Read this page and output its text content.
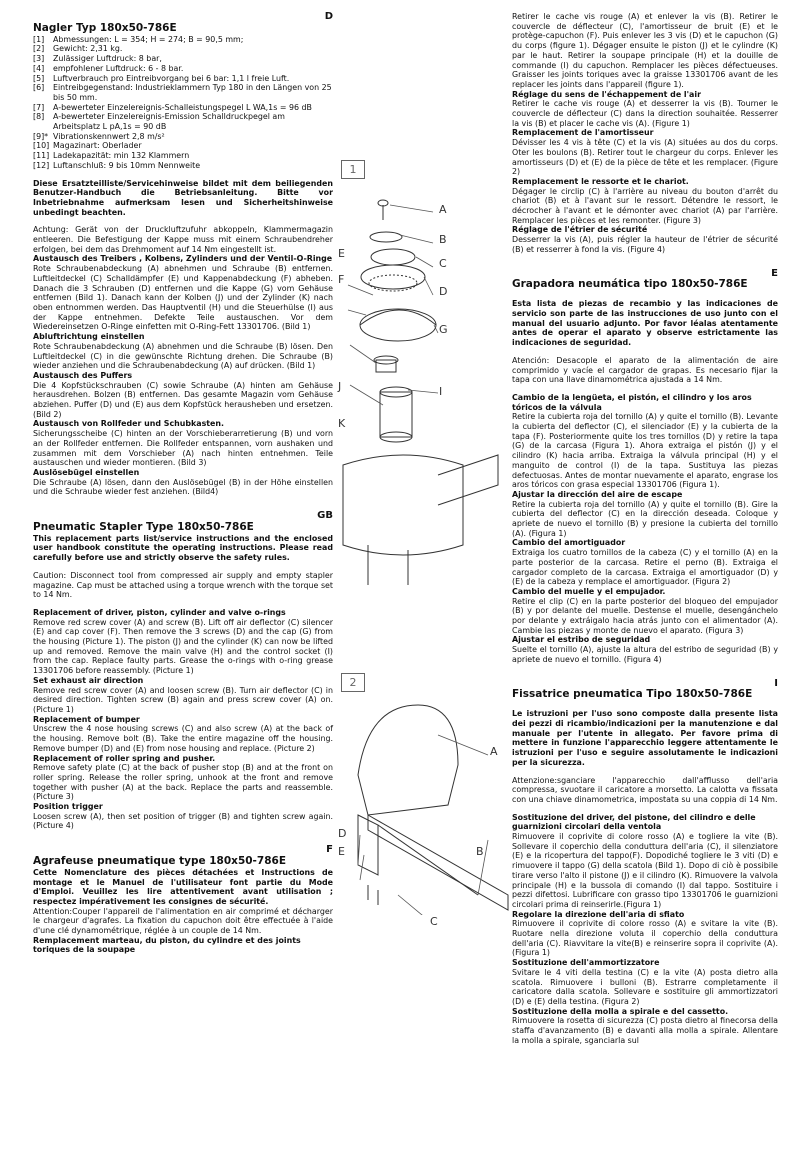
D
Nagler Typ 180x50-786E
[1]	Abmessungen: L = 354; H = 274; B = 90,5 mm;
[2]	Gewicht: 2,31 kg.
[3]	Zulässiger Luftdruck: 8 bar,
[4]	empfohlener Luftdruck: 6 - 8 bar.
[5]	Luftverbrauch pro Eintreibvorgang bei 6 bar: 1,1 l freie Luft.
[6]	Eintreibgegenstand: Industrieklammern Typ 180 in den Längen von 25 bis 50 mm.
[7]	A-bewerteter Einzelereignis-Schalleistungspegel L WA,1s = 96 dB
[8]	A-bewerteter Einzelereignis-Emission Schalldruckpegel am Arbeitsplatz L pA,1s = 90 dB
[9]* Vibrationskennwert 2,8 m/s²
[10] Magazinart: Oberlader
[11] Ladekapazität: min 132 Klammern
[12] Luftanschluß: 9 bis 10mm Nennweite

Diese Ersatzteilliste/Servicehinweise bildet mit dem beiliegenden Benutzer-Handbuch die Betriebsanleitung. Bitte vor Inbetriebnahme aufmerksam lesen und Sicherheitshinweise unbedingt beachten.

Achtung: Gerät von der Druckluftzufuhr abkoppeln, Klammermagazin entleeren. Die Befestigung der Kappe muss mit einem Schraubendreher erfolgen, bei dem das Drehmoment auf 14 Nm eingestellt ist.

Austausch des Treibers , Kolbens, Zylinders und der Ventil-O-Ringe

Rote Schraubenabdeckung (A) abnehmen und Schraube (B) entfernen. Luftleitdeckel (C) Schalldämpfer (E) und Kappenabdeckung (F) abheben. Danach die 3 Schrauben (D) entfernen und die Kappe (G) vom Gehäuse entfernen (Bild 1). Danach kann der Kolben (J) und der Zylinder (K) nach oben entnommen werden. Das Hauptventil (H) und die Steuerhülse (I) aus der Kappe entnehmen. Defekte Teile austauschen. Vor dem Wiedereinsetzen O-Ringe einfetten mit O-Ring-Fett 13301706. (Bild 1)

Abluftrichtung einstellen

Rote Schraubenabdeckung (A) abnehmen und die Schraube (B) lösen. Den Luftleitdeckel (C) in die gewünschte Richtung drehen. Die Schraube (B) wieder anziehen und die Schraubenabdeckung (A) auf drücken. (Bild 1)

Austausch des Puffers

Die 4 Kopfstückschrauben (C) sowie Schraube (A) hinten am Gehäuse herausdrehen. Bolzen (B) entfernen. Das gesamte Magazin vom Gehäuse abziehen. Puffer (D) und (E) aus dem Kopfstück herausheben und ersetzen. (Bild 2)

Austausch von Rollfeder und Schubkasten.

Sicherungsscheibe (C) hinten an der Vorschieberarretierung (B) und vorn an der Rollfeder entfernen. Die Rollfeder entspannen, vorn aushaken und zusammen mit dem Vorschieber (A) nach hinten entnehmen. Teile austauschen und wieder montieren. (Bild 3)

Auslösebügel einstellen

Die Schraube (A) lösen, dann den Auslösebügel (B) in der Höhe einstellen und die Schraube wieder fest anziehen. (Bild4)

GB
Pneumatic Stapler Type 180x50-786E

This replacement parts list/service instructions and the enclosed user handbook constitute the operating instructions. Please read carefully before use and strictly observe the safety rules.

Caution: Disconnect tool from compressed air supply and empty stapler magazine. Cap must be attached using a torque wrench with the torque set to 14 Nm.

Replacement of driver, piston, cylinder and valve o-rings

Remove red screw cover (A) and screw (B). Lift off air deflector (C) silencer (E) and cap cover (F). Then remove the 3 screws (D) and the cap (G) from the housing (Picture 1). The piston (J) and the cylinder (K) can now be lifted up and removed. Remove the main valve (H) and the control socket (I) from the cap. Replace faulty parts. Grease the o-rings with o-ring grease 13301706 before reassembly. (Picture 1)

Set exhaust air direction

Remove red screw cover (A) and loosen screw (B). Turn air deflector (C) in desired direction. Tighten screw (B) again and press screw cover (A) on. (Picture 1)

Replacement of bumper

Unscrew the 4 nose housing screws (C) and also screw (A) at the back of the housing. Remove bolt (B). Take the entire magazine off the housing. Remove bumper (D) and (E) from nose housing and replace. (Picture 2)

Replacement of roller spring and pusher.

Remove safety plate (C) at the back of pusher stop (B) and at the front on roller spring. Release the roller spring, unhook at the front and remove together with pusher (A) at the back. Replace the parts and reassemble. (Picture 3)

Position trigger

Loosen screw (A), then set position of trigger (B) and tighten screw again. (Picture 4)

F
Agrafeuse pneumatique type 180x50-786E

Cette Nomenclature des pièces détachées et Instructions de montage et le Manuel de l'utilisateur font partie du Mode d'Emploi. Veuillez les lire attentivement avant utilisation ; respectez impérativement les consignes de sécurité.

Attention:Couper l'appareil de l'alimentation en air comprimé et décharger le chargeur d'agrafes. La fixation du capuchon doit être effectuée à l'aide d'une clé dynamométrique, réglée à un couple de 14 Nm.

Remplacement marteau, du piston, du cylindre et des joints toriques de la soupape
1
A
B
C
D
E
F
G
I
J
K
2
A
B
C
D
E

Retirer le cache vis rouge (A) et enlever la vis (B). Retirer le couvercle de déflecteur (C), l'amortisseur de bruit (E) et le protège-capuchon (F). Puis enlever les 3 vis (D) et le capuchon (G) du corps (figure 1). Dégager ensuite le piston (J) et le cylindre (K) par le haut. Retirer la soupape principale (H) et la douille de commande (I) du capuchon. Remplacer les pièces défectueuses. Graisser les joints toriques avec la graisse 13301706 avant de les replacer les joints dans l'appareil (figure 1).

Réglage du sens de l'échappement de l'air

Retirer le cache vis rouge (A) et desserrer la vis (B). Tourner le couvercle de déflecteur (C) dans la direction souhaitée. Resserrer la vis (B) et placer le cache vis (A). (Figure 1)

Remplacement de l'amortisseur

Dévisser les 4 vis à tête (C) et la vis (A) situées au dos du corps. Oter les boulons (B). Retirer tout le chargeur du corps. Enlever les amortisseurs (D) et (E) de la pièce de tête et les remplacer. (Figure 2)

Remplacement le ressorte et le chariot.

Dégager le circlip (C) à l'arrière au niveau du bouton d'arrêt du chariot (B) et à l'avant sur le ressort. Détendre le ressort, le décrocher à l'avant et le démonter avec chariot (A) par l'arrière. Remplacer les pièces et les remonter. (Figure 3)

Réglage de l'étrier de sécurité

Desserrer la vis (A), puis régler la hauteur de l'étrier de sécurité (B) et resserrer à fond la vis. (Figure 4)

E
Grapadora neumática tipo 180x50-786E

Esta lista de piezas de recambio y las indicaciones de servicio son parte de las instrucciones de uso junto con el manual del usuario adjunto. Por favor léalas atentamente antes de operar el aparato y observe estrictamente las indicaciones de seguridad.

Atención: Desacople el aparato de la alimentación de aire comprimido y vacíe el cargador de grapas. Es necesario fijar la tapa con una llave dinamométrica ajustada a 14 Nm.

Cambio de la lengüeta, el pistón, el cilindro y los aros tóricos de la válvula

Retire la cubierta roja del tornillo (A) y quite el tornillo (B). Levante la cubierta del deflector (C), el silenciador (E) y la cubierta de la tapa (F). Posteriormente quite los tres tornillos (D) y retire la tapa (G) de la carcasa (Figura 1). Ahora extraiga el pistón (J) y el cilindro (K) hacia arriba. Extraiga la válvula principal (H) y el manguito de control (I) de la tapa. Sustituya las piezas defectuosas. Antes de montar nuevamente el aparato, engrase los aros tóricos con grasa especial 13301706 (Figura 1).

Ajustar la dirección del aire de escape

Retire la cubierta roja del tornillo (A) y quite el tornillo (B). Gire la cubierta del deflector (C) en la dirección deseada. Coloque y apriete de nuevo el tornillo (B) y presione la cubierta del tornillo (A). (Figura 1)

Cambio del amortiguador

Extraiga los cuatro tornillos de la cabeza (C) y el tornillo (A) en la parte posterior de la carcasa. Retire el perno (B). Extraiga el cargador completo de la carcasa. Extraiga el amortiguador (D) y (E) de la cabeza y remplace el amortiguador. (Figura 2)

Cambio del muelle y el empujador.

Retire el clip (C) en la parte posterior del bloqueo del empujador (B) y por delante del muelle. Destense el muelle, desengánchelo por delante y extráigalo hacia atrás junto con el alimentador (A). Cambie las piezas y monte de nuevo el aparato. (Figura 3)

Ajustar el estribo de seguridad

Suelte el tornillo (A), ajuste la altura del estribo de seguridad (B) y apriete de nuevo el tornillo. (Figura 4)

I
Fissatrice pneumatica Tipo 180x50-786E

Le istruzioni per l'uso sono composte dalla presente lista dei pezzi di ricambio/indicazioni per la manutenzione e dal manuale per l'utente in allegato. Per favore prima di mettere in funzione l'apparecchio leggere attentamente le istruzioni per l'uso e seguire assolutamente le indicazioni per la sicurezza.

Attenzione:sganciare l'apparecchio dall'afflusso dell'aria compressa, svuotare il caricatore a morsetto. La calotta va fissata con una chiave dinamometrica, impostata su una coppia di 14 Nm.

Sostituzione del driver, del pistone, del cilindro e delle guarnizioni circolari della ventola

Rimuovere il coprivite di colore rosso (A) e togliere la vite (B). Sollevare il coperchio della conduttura dell'aria (C), il silenziatore (E) e la ricopertura del tappo(F). Dopodiché togliere le 3 viti (D) e rimuovere il tappo (G) della scatola (Bild 1). Dopo di ciò è possibile tirare verso l'alto il pistone (J) e il cilindro (K). Rimuovere la valvola principale (H) e la bussola di comando (I) dal tappo. Sostituire i pezzi difettosi. Lubrificare con grasso tipo 13301706 le guarnizioni circolari prima di reinserirle.(Figura 1)

Regolare la direzione dell'aria di sfiato

Rimuovere il coprivite di colore rosso (A) e svitare la vite (B). Ruotare nella direzione voluta il coperchio della conduttura dell'aria (C). Riavvitare la vite(B) e reinserire sopra il coprivite (A). (Figura 1)

Sostituzione dell'ammortizzatore

Svitare le 4 viti della testina (C) e la vite (A) posta dietro alla scatola. Rimuovere i bulloni (B). Estrarre completamente il caricatore dalla scatola. Sollevare e sostituire gli ammortizzatori (D) e (E) della testina. (Figura 2)

Sostituzione della molla a spirale e del cassetto.

Rimuovere la rosetta di sicurezza (C) posta dietro al finecorsa della staffa d'avanzamento (B) e davanti alla molla a spirale. Allentare la molla a spirale, sganciarla sul
